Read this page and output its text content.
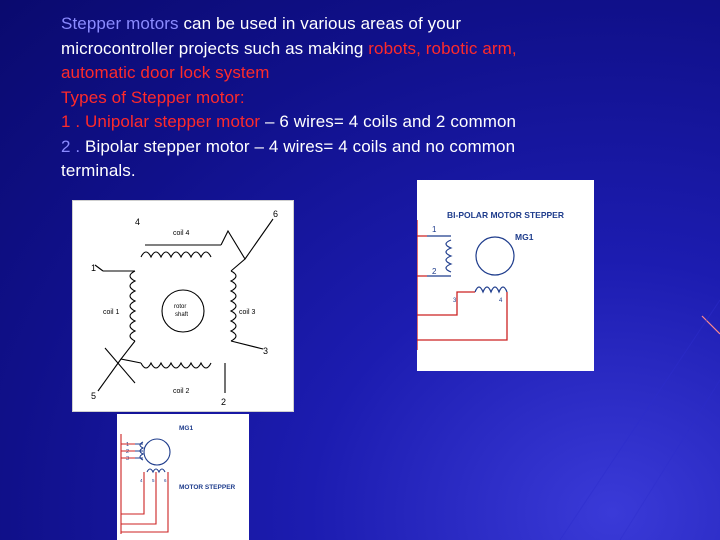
Stepper motors can be used in various areas of your

microcontroller projects such as making robots, robotic arm,

automatic door lock system

Types of Stepper motor:

1 . Unipolar stepper motor – 6 wires= 4 coils and 2 common

2 . Bipolar stepper motor – 4 wires= 4 coils and no common

terminals.

4
6
1
3
5
2
coil 4
coil 1	coil 3
coil 2
rotor
shaft
BI-POLAR MOTOR STEPPER
MG1
1
2
3	4
MG1
MOTOR STEPPER
1
2
3
4 5 6
